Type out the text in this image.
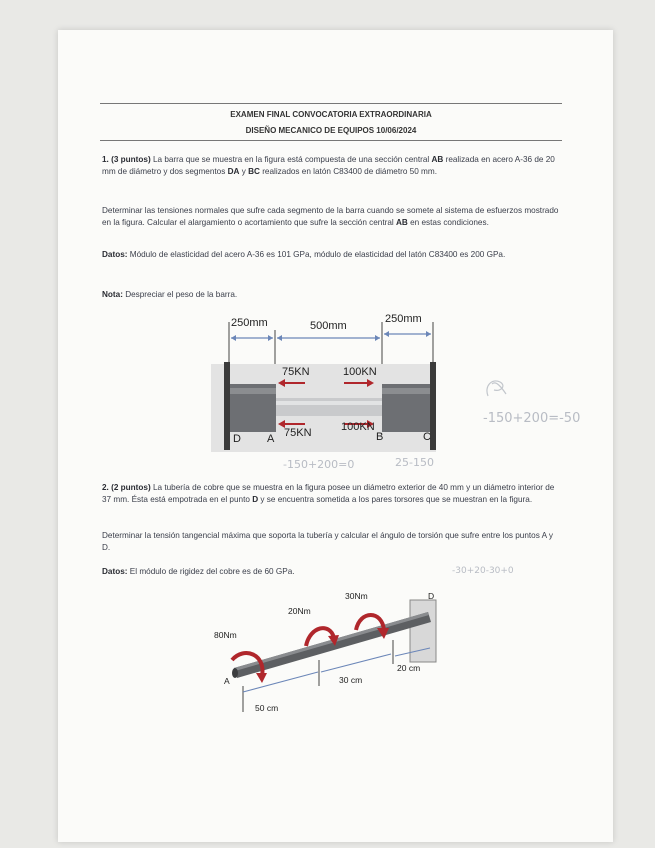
EXAMEN FINAL CONVOCATORIA EXTRAORDINARIA
DISEÑO MECANICO DE EQUIPOS 10/06/2024
1. (3 puntos) La barra que se muestra en la figura está compuesta de una sección central AB realizada en acero A-36 de 20 mm de diámetro y dos segmentos DA y BC realizados en latón C83400 de diámetro 50 mm.
Determinar las tensiones normales que sufre cada segmento de la barra cuando se somete al sistema de esfuerzos mostrado en la figura. Calcular el alargamiento o acortamiento que sufre la sección central AB en estas condiciones.
Datos: Módulo de elasticidad del acero A-36 es 101 GPa, módulo de elasticidad del latón C83400 es 200 GPa.
Nota: Despreciar el peso de la barra.
250mm	500mm
250mm
75KN	100KN
75KN	100KN
D A	B	C
-150+200=-50
-150+200=0	25-150
2. (2 puntos) La tubería de cobre que se muestra en la figura posee un diámetro exterior de 40 mm y un diámetro interior de 37 mm. Ésta está empotrada en el punto D y se encuentra sometida a los pares torsores que se muestran en la figura.
Determinar la tensión tangencial máxima que soporta la tubería y calcular el ángulo de torsión que sufre entre los puntos A y D.
Datos: El módulo de rigidez del cobre es de 60 GPa.	-30+20-30+0
80Nm
20Nm
30Nm	D
A
50 cm
30 cm
20 cm
